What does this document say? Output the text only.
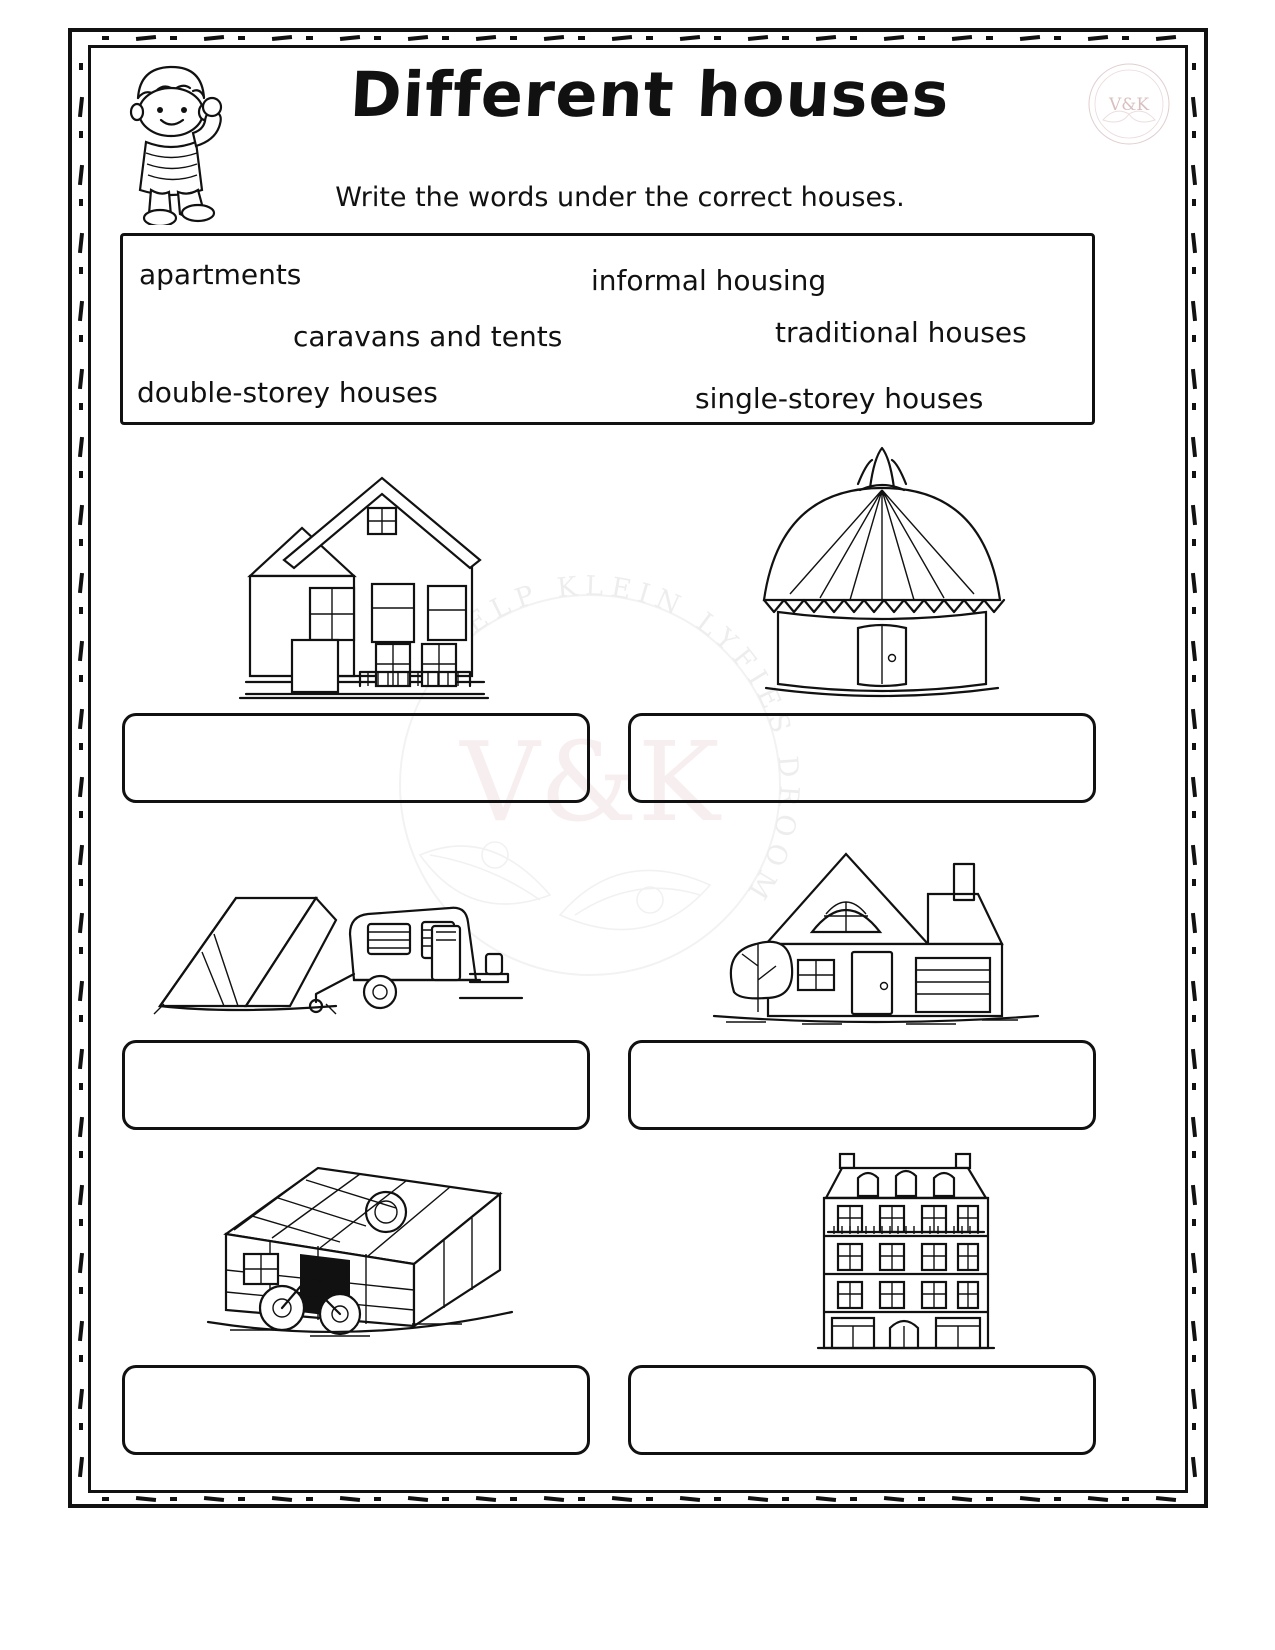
V&K
Different houses
Write the words under the correct houses.
apartments	informal housing
caravans and tents	traditional houses
double-storey houses	single-storey houses
ELP KLEIN LYFIES DROOM
V&K
